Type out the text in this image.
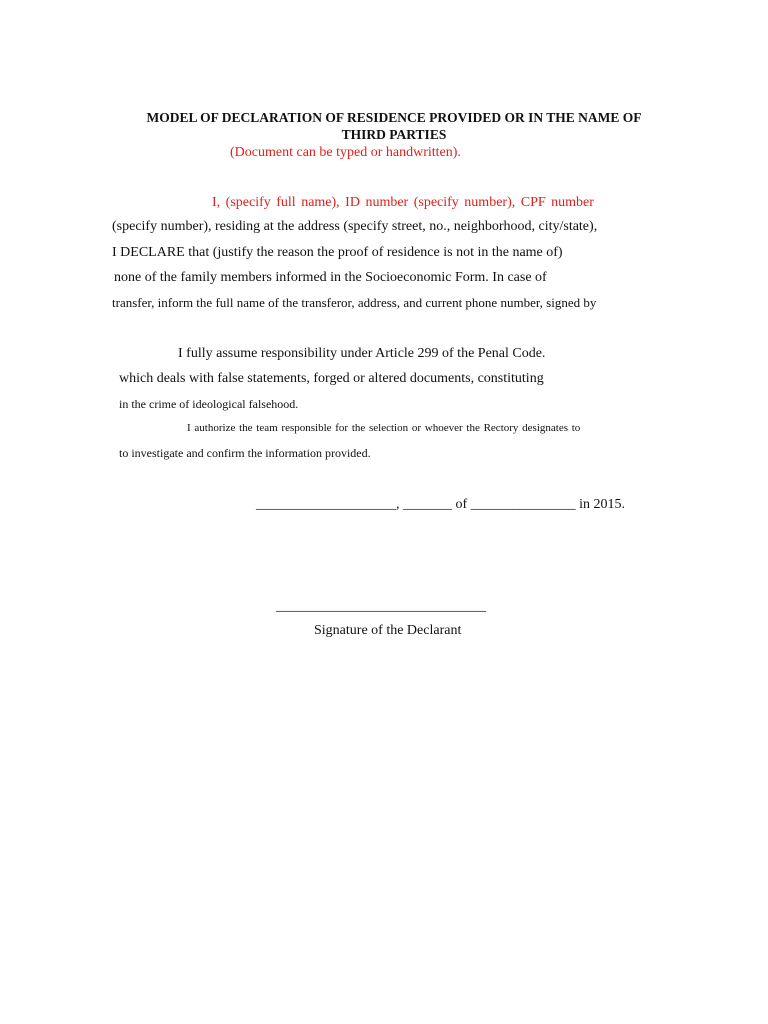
MODEL OF DECLARATION OF RESIDENCE PROVIDED OR IN THE NAME OF
THIRD PARTIES
(Document can be typed or handwritten).
I, (specify full name), ID number (specify number), CPF number
(specify number), residing at the address (specify street, no., neighborhood, city/state),
I DECLARE that (justify the reason the proof of residence is not in the name of)
none of the family members informed in the Socioeconomic Form. In case of
transfer, inform the full name of the transferor, address, and current phone number, signed by
I fully assume responsibility under Article 299 of the Penal Code.
which deals with false statements, forged or altered documents, constituting
in the crime of ideological falsehood.
I authorize the team responsible for the selection or whoever the Rectory designates to
to investigate and confirm the information provided.
____________________, _______ of _______________ in 2015.
______________________________
Signature of the Declarant
